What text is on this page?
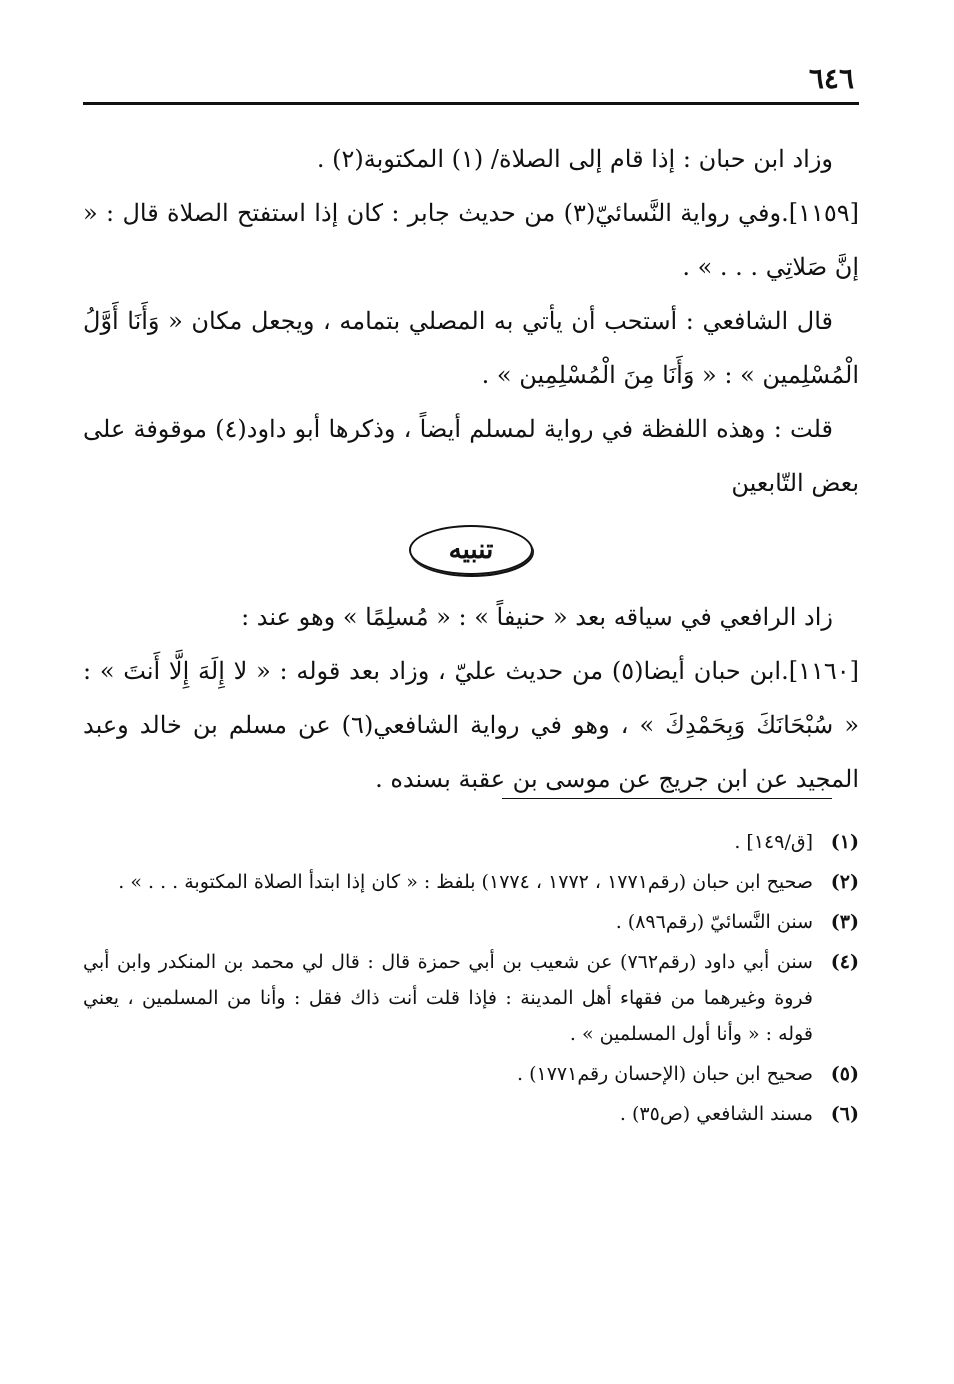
٦٤٦

وزاد ابن حبان : إذا قام إلى الصلاة/ (١) المكتوبة(٢) .

[١١٥٩].وفي رواية النَّسائيّ(٣) من حديث جابر : كان إذا استفتح الصلاة قال : « إنَّ صَلاتِي . . . » .

قال الشافعي : أستحب أن يأتي به المصلي بتمامه ، ويجعل مكان « وَأَنَا أَوَّلُ الْمُسْلِمين » : « وَأَنَا مِنَ الْمُسْلِمِين » .

قلت : وهذه اللفظة في رواية لمسلم أيضاً ، وذكرها أبو داود(٤) موقوفة على بعض التّابعين

تنبيه

زاد الرافعي في سياقه بعد « حنيفاً » : « مُسلِمًا » وهو عند :

[١١٦٠].ابن حبان أيضا(٥) من حديث عليّ ، وزاد بعد قوله : « لا إِلَهَ إِلَّا أَنتَ » : « سُبْحَانَكَ وَبِحَمْدِكَ » ، وهو في رواية الشافعي(٦) عن مسلم بن خالد وعبد المجيد عن ابن جريج عن موسى بن عقبة بسنده .

(١)
[ق/١٤٩] .
(٢)
صحيح ابن حبان (رقم١٧٧١ ، ١٧٧٢ ، ١٧٧٤) بلفظ : « كان إذا ابتدأ الصلاة المكتوبة . . . » .
(٣)
سنن النَّسائيّ (رقم٨٩٦) .
(٤)
سنن أبي داود (رقم٧٦٢) عن شعيب بن أبي حمزة قال : قال لي محمد بن المنكدر وابن أبي فروة وغيرهما من فقهاء أهل المدينة : فإذا قلت أنت ذاك فقل : وأنا من المسلمين ، يعني قوله : « وأنا أول المسلمين » .
(٥)
صحيح ابن حبان (الإحسان رقم١٧٧١) .
(٦)
مسند الشافعي (ص٣٥) .
